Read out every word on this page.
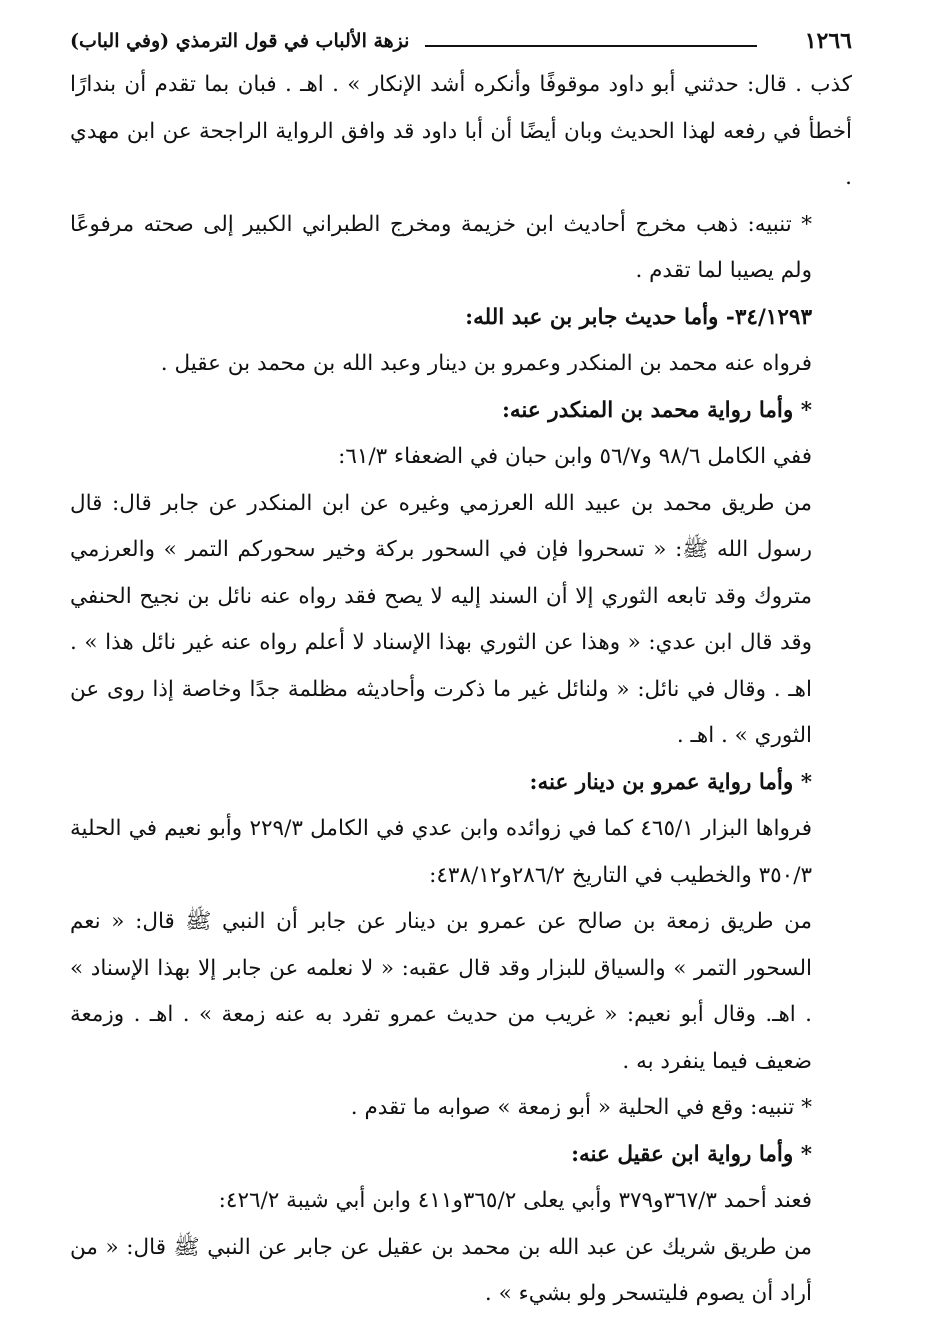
١٢٦٦
نزهة الألباب في قول الترمذي (وفي الباب)

كذب . قال: حدثني أبو داود موقوفًا وأنكره أشد الإنكار » . اهـ . فبان بما تقدم أن بندارًا أخطأ في رفعه لهذا الحديث وبان أيضًا أن أبا داود قد وافق الرواية الراجحة عن ابن مهدي .

* تنبيه: ذهب مخرج أحاديث ابن خزيمة ومخرج الطبراني الكبير إلى صحته مرفوعًا ولم يصيبا لما تقدم .

٣٤/١٢٩٣- وأما حديث جابر بن عبد الله:

فرواه عنه محمد بن المنكدر وعمرو بن دينار وعبد الله بن محمد بن عقيل .

* وأما رواية محمد بن المنكدر عنه:

ففي الكامل ٩٨/٦ و٥٦/٧ وابن حبان في الضعفاء ٦١/٣:

من طريق محمد بن عبيد الله العرزمي وغيره عن ابن المنكدر عن جابر قال: قال رسول الله ﷺ: « تسحروا فإن في السحور بركة وخير سحوركم التمر » والعرزمي متروك وقد تابعه الثوري إلا أن السند إليه لا يصح فقد رواه عنه نائل بن نجيح الحنفي وقد قال ابن عدي: « وهذا عن الثوري بهذا الإسناد لا أعلم رواه عنه غير نائل هذا » . اهـ . وقال في نائل: « ولنائل غير ما ذكرت وأحاديثه مظلمة جدًا وخاصة إذا روى عن الثوري » . اهـ .

* وأما رواية عمرو بن دينار عنه:

فرواها البزار ٤٦٥/١ كما في زوائده وابن عدي في الكامل ٢٢٩/٣ وأبو نعيم في الحلية ٣٥٠/٣ والخطيب في التاريخ ٢٨٦/٢و٤٣٨/١٢:

من طريق زمعة بن صالح عن عمرو بن دينار عن جابر أن النبي ﷺ قال: « نعم السحور التمر » والسياق للبزار وقد قال عقبه: « لا نعلمه عن جابر إلا بهذا الإسناد » . اهـ. وقال أبو نعيم: « غريب من حديث عمرو تفرد به عنه زمعة » . اهـ . وزمعة ضعيف فيما ينفرد به .

* تنبيه: وقع في الحلية « أبو زمعة » صوابه ما تقدم .

* وأما رواية ابن عقيل عنه:

فعند أحمد ٣٦٧/٣و٣٧٩ وأبي يعلى ٣٦٥/٢و٤١١ وابن أبي شيبة ٤٢٦/٢:

من طريق شريك عن عبد الله بن محمد بن عقيل عن جابر عن النبي ﷺ قال: « من أراد أن يصوم فليتسحر ولو بشيء » .
